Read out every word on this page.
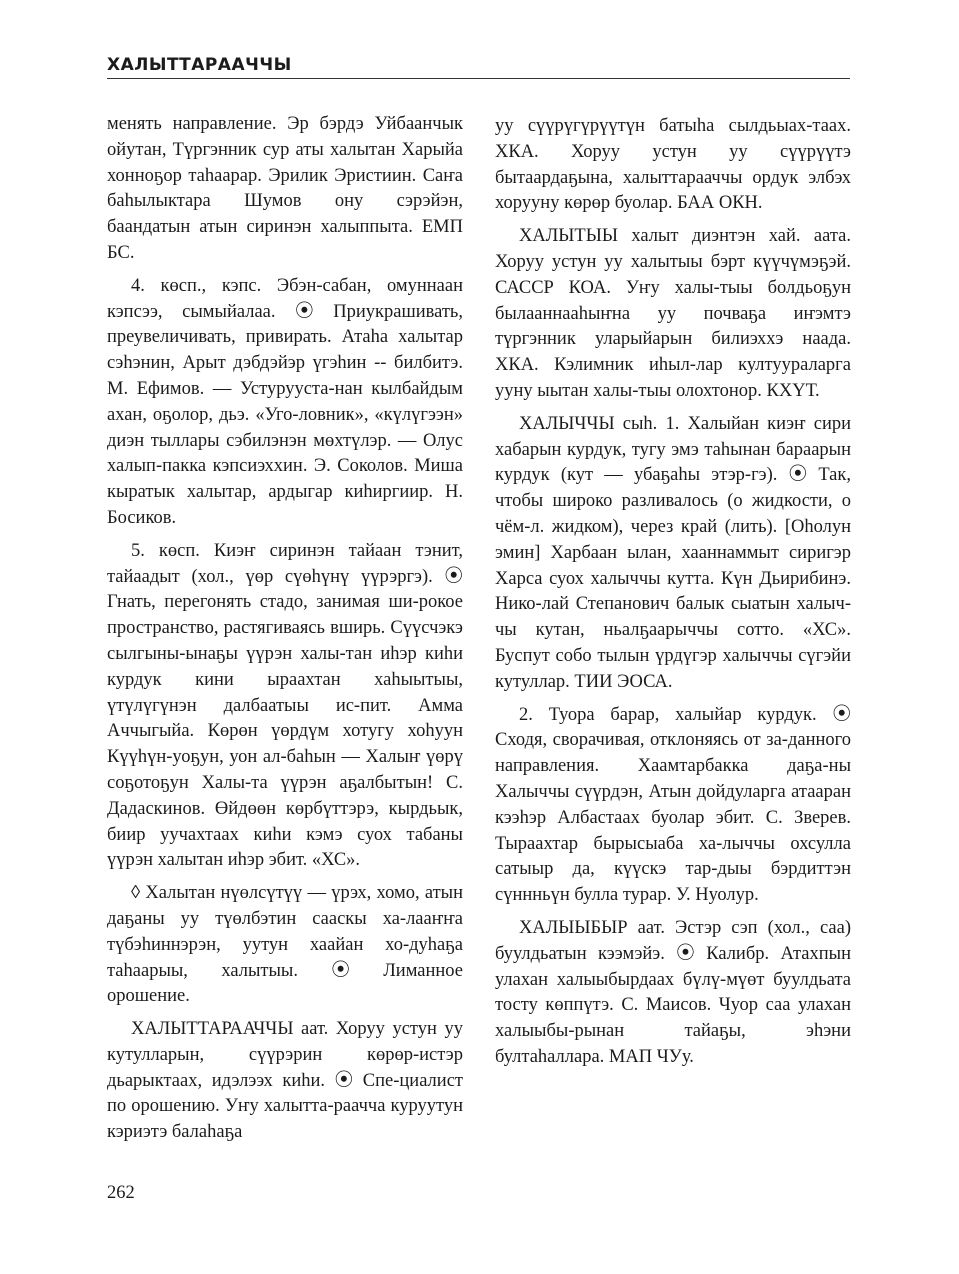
ХАЛЫТТАРААЧЧЫ

менять направление. Эр бэрдэ Уйбаанчык ойутан, Түргэнник сур аты халытан Харыйа хонноҕор таһаарар. Эрилик Эристиин. Саҥа баһылыктара Шумов ону сэрэйэн, баандатын атын сиринэн халыппыта. ЕМП БС.

4. көсп., кэпс. Эбэн-сабан, омуннаан кэпсээ, сымыйалаа. ⦿ Приукрашивать, преувеличивать, привирать. Атаһа халытар сэһэнин, Арыт дэбдэйэр үгэһин -- билбитэ. М. Ефимов. — Устурууста-нан кылбайдым ахан, оҕолор, дьэ. «Уго-ловник», «күлүгээн» диэн тыллары сэбилэнэн мөхтүлэр. — Олус халып-пакка кэпсиэххин. Э. Соколов. Миша кыратык халытар, ардыгар киһиргиир. Н. Босиков.

5. көсп. Киэҥ сиринэн тайаан тэнит, тайаадыт (хол., үөр сүөһүнү үүрэргэ). ⦿ Гнать, перегонять стадо, занимая ши-рокое пространство, растягиваясь вширь. Сүүсчэкэ сылгыны-ынаҕы үүрэн халы-тан иһэр киһи курдук кини ыраахтан хаһыытыы, үтүлүгүнэн далбаатыы ис-пит. Амма Аччыгыйа. Көрөн үөрдүм хотугу хоһуун Күүһүн-уоҕун, уон ал-баһын — Халыҥ үөрү соҕотоҕун Халы-та үүрэн аҕалбытын! С. Дадаскинов. Өйдөөн көрбүттэрэ, кырдьык, биир уучахтаах киһи кэмэ суох табаны үүрэн халытан иһэр эбит. «ХС».

◊ Халытан нүөлсүтүү — үрэх, хомо, атын даҕаны уу түөлбэтин сааскы ха-лааҥҥа түбэһиннэрэн, уутун хаайан хо-дуһаҕа таһаарыы, халытыы. ⦿ Лиманное орошение.

ХАЛЫТТАРААЧЧЫ аат. Хоруу устун уу кутулларын, сүүрэрин көрөр-истэр дьарыктаах, идэлээх киһи. ⦿ Спе-циалист по орошению. Уҥу халытта-раачча куруутун кэриэтэ балаһаҕа

уу сүүрүгүрүүтүн батыһа сылдьыах-таах. ХКА. Хоруу устун уу сүүрүүтэ бытаардаҕына, халыттарааччы ордук элбэх хорууну көрөр буолар. БАА ОКН.

ХАЛЫТЫЫ халыт диэнтэн хай. аата. Хоруу устун уу халытыы бэрт күүчүмэҕэй. САССР КОА. Уҥу халы-тыы болдьоҕун былааннааһыҥна уу почваҕа иҥэмтэ түргэнник уларыйарын билиэххэ наада. ХКА. Кэлимник иһыл-лар култуураларга ууну ыытан халы-тыы олохтонор. КХҮТ.

ХАЛЫЧЧЫ сыһ. 1. Халыйан киэҥ сири хабарын курдук, тугу эмэ таһынан бараарын курдук (кут — убаҕаһы этэр-гэ). ⦿ Так, чтобы широко разливалось (о жидкости, о чём-л. жидком), через край (лить). [Оһолун эмин] Харбаан ылан, хааннаммыт сиригэр Харса суох халыччы кутта. Күн Дьирибинэ. Нико-лай Степанович балык сыатын халыч-чы кутан, ньалҕаарыччы сотто. «ХС». Буспут собо тылын үрдүгэр халыччы сүгэйи кутуллар. ТИИ ЭОСА.

2. Туора барар, халыйар курдук. ⦿ Сходя, сворачивая, отклоняясь от за-данного направления. Хаамтарбакка даҕа-ны Халыччы сүүрдэн, Атын дойдуларга атааран кээһэр Албастаах буолар эбит. С. Зверев. Тыраахтар бырысыаба ха-лыччы охсулла сатыыр да, күүскэ тар-дыы бэрдиттэн сүннньүн булла турар. У. Нуолур.

ХАЛЫЫБЫР аат. Эстэр сэп (хол., саа) буулдьатын кээмэйэ. ⦿ Калибр. Атахпын улахан халыыбырдаах бүлү-мүөт буулдьата тосту көппүтэ. С. Маисов. Чуор саа улахан халыыбы-рынан тайаҕы, эһэни бултаһаллара. МАП ЧУу.

262
